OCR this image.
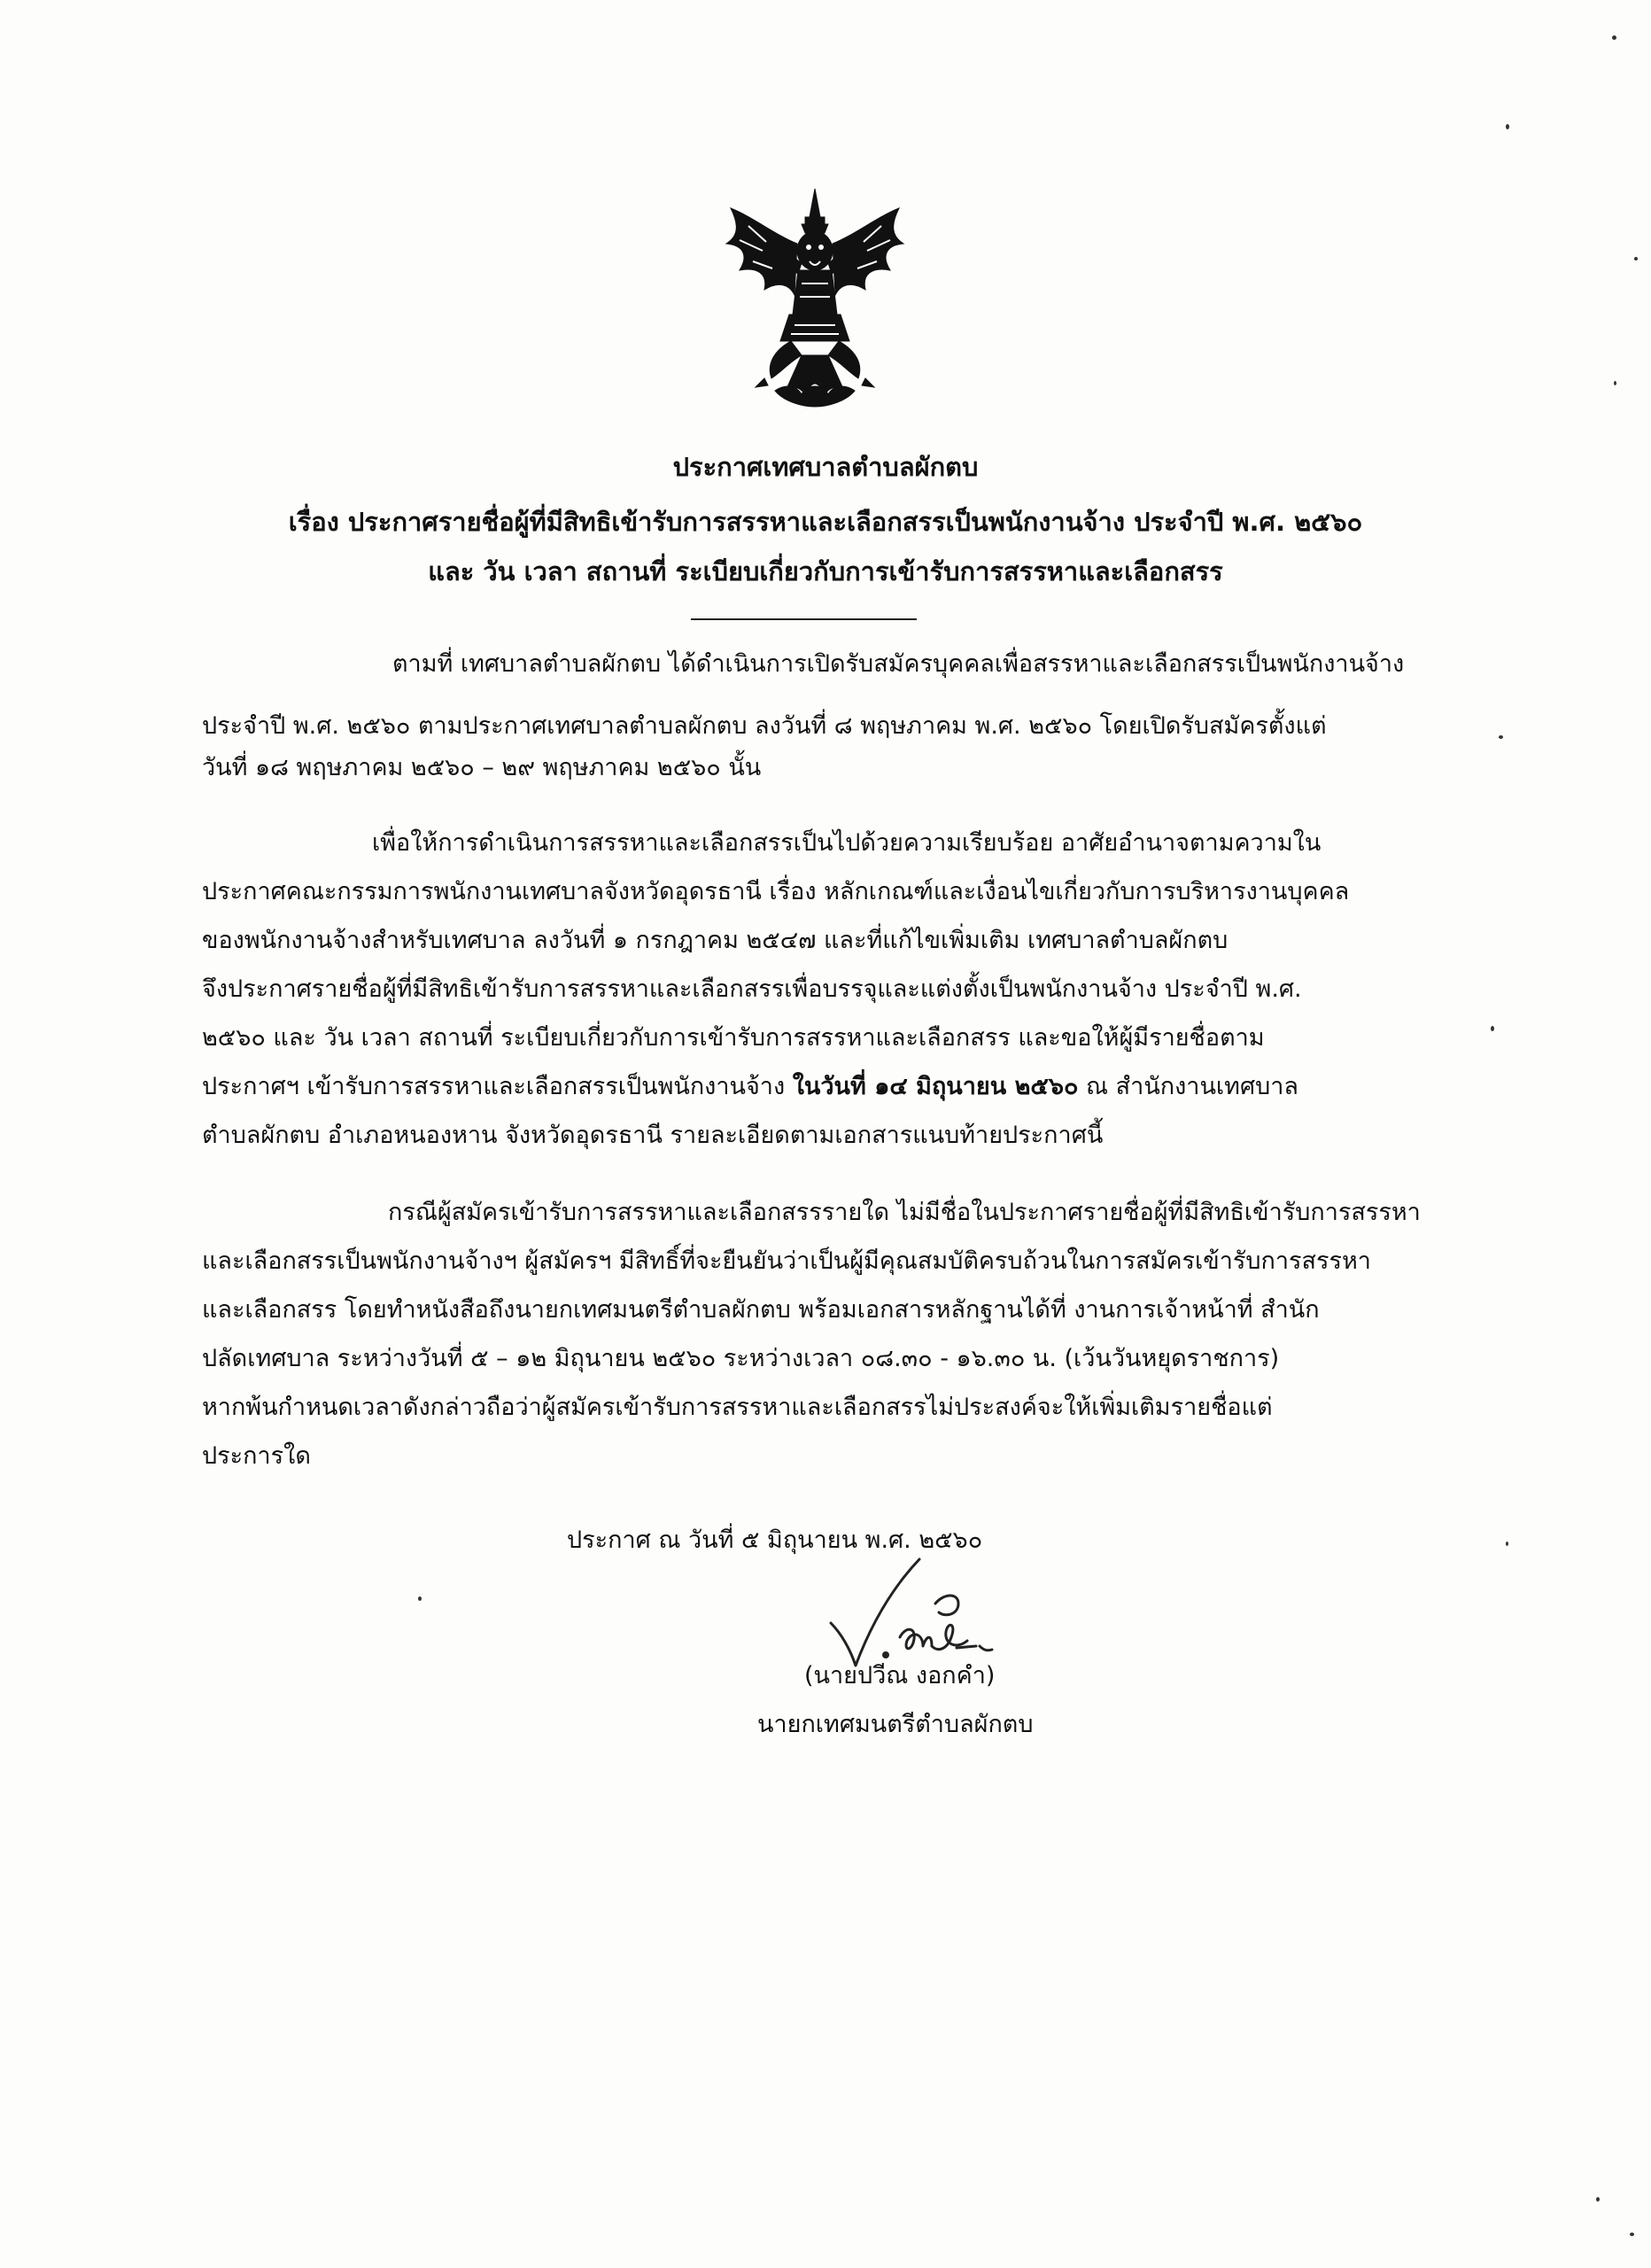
ประกาศเทศบาลตำบลผักตบ
เรื่อง ประกาศรายชื่อผู้ที่มีสิทธิเข้ารับการสรรหาและเลือกสรรเป็นพนักงานจ้าง ประจำปี พ.ศ. ๒๕๖๐
และ วัน เวลา สถานที่ ระเบียบเกี่ยวกับการเข้ารับการสรรหาและเลือกสรร
ตามที่ เทศบาลตำบลผักตบ ได้ดำเนินการเปิดรับสมัครบุคคลเพื่อสรรหาและเลือกสรรเป็นพนักงานจ้าง
ประจำปี พ.ศ. ๒๕๖๐ ตามประกาศเทศบาลตำบลผักตบ ลงวันที่ ๘ พฤษภาคม พ.ศ. ๒๕๖๐ โดยเปิดรับสมัครตั้งแต่
วันที่ ๑๘ พฤษภาคม ๒๕๖๐ – ๒๙ พฤษภาคม ๒๕๖๐ นั้น
เพื่อให้การดำเนินการสรรหาและเลือกสรรเป็นไปด้วยความเรียบร้อย อาศัยอำนาจตามความใน
ประกาศคณะกรรมการพนักงานเทศบาลจังหวัดอุดรธานี เรื่อง หลักเกณฑ์และเงื่อนไขเกี่ยวกับการบริหารงานบุคคล
ของพนักงานจ้างสำหรับเทศบาล ลงวันที่ ๑ กรกฎาคม ๒๕๔๗ และที่แก้ไขเพิ่มเติม เทศบาลตำบลผักตบ
จึงประกาศรายชื่อผู้ที่มีสิทธิเข้ารับการสรรหาและเลือกสรรเพื่อบรรจุและแต่งตั้งเป็นพนักงานจ้าง ประจำปี พ.ศ.
๒๕๖๐ และ วัน เวลา สถานที่ ระเบียบเกี่ยวกับการเข้ารับการสรรหาและเลือกสรร และขอให้ผู้มีรายชื่อตาม
ประกาศฯ เข้ารับการสรรหาและเลือกสรรเป็นพนักงานจ้าง ในวันที่ ๑๔ มิถุนายน ๒๕๖๐ ณ สำนักงานเทศบาล
ตำบลผักตบ อำเภอหนองหาน จังหวัดอุดรธานี รายละเอียดตามเอกสารแนบท้ายประกาศนี้
กรณีผู้สมัครเข้ารับการสรรหาและเลือกสรรรายใด ไม่มีชื่อในประกาศรายชื่อผู้ที่มีสิทธิเข้ารับการสรรหา
และเลือกสรรเป็นพนักงานจ้างฯ ผู้สมัครฯ มีสิทธิ์ที่จะยืนยันว่าเป็นผู้มีคุณสมบัติครบถ้วนในการสมัครเข้ารับการสรรหา
และเลือกสรร โดยทำหนังสือถึงนายกเทศมนตรีตำบลผักตบ พร้อมเอกสารหลักฐานได้ที่ งานการเจ้าหน้าที่ สำนัก
ปลัดเทศบาล ระหว่างวันที่ ๕ – ๑๒ มิถุนายน ๒๕๖๐ ระหว่างเวลา ๐๘.๓๐ - ๑๖.๓๐ น. (เว้นวันหยุดราชการ)
หากพ้นกำหนดเวลาดังกล่าวถือว่าผู้สมัครเข้ารับการสรรหาและเลือกสรรไม่ประสงค์จะให้เพิ่มเติมรายชื่อแต่
ประการใด
ประกาศ ณ วันที่ ๕ มิถุนายน พ.ศ. ๒๕๖๐
(นายปวีณ งอกคำ)
นายกเทศมนตรีตำบลผักตบ
